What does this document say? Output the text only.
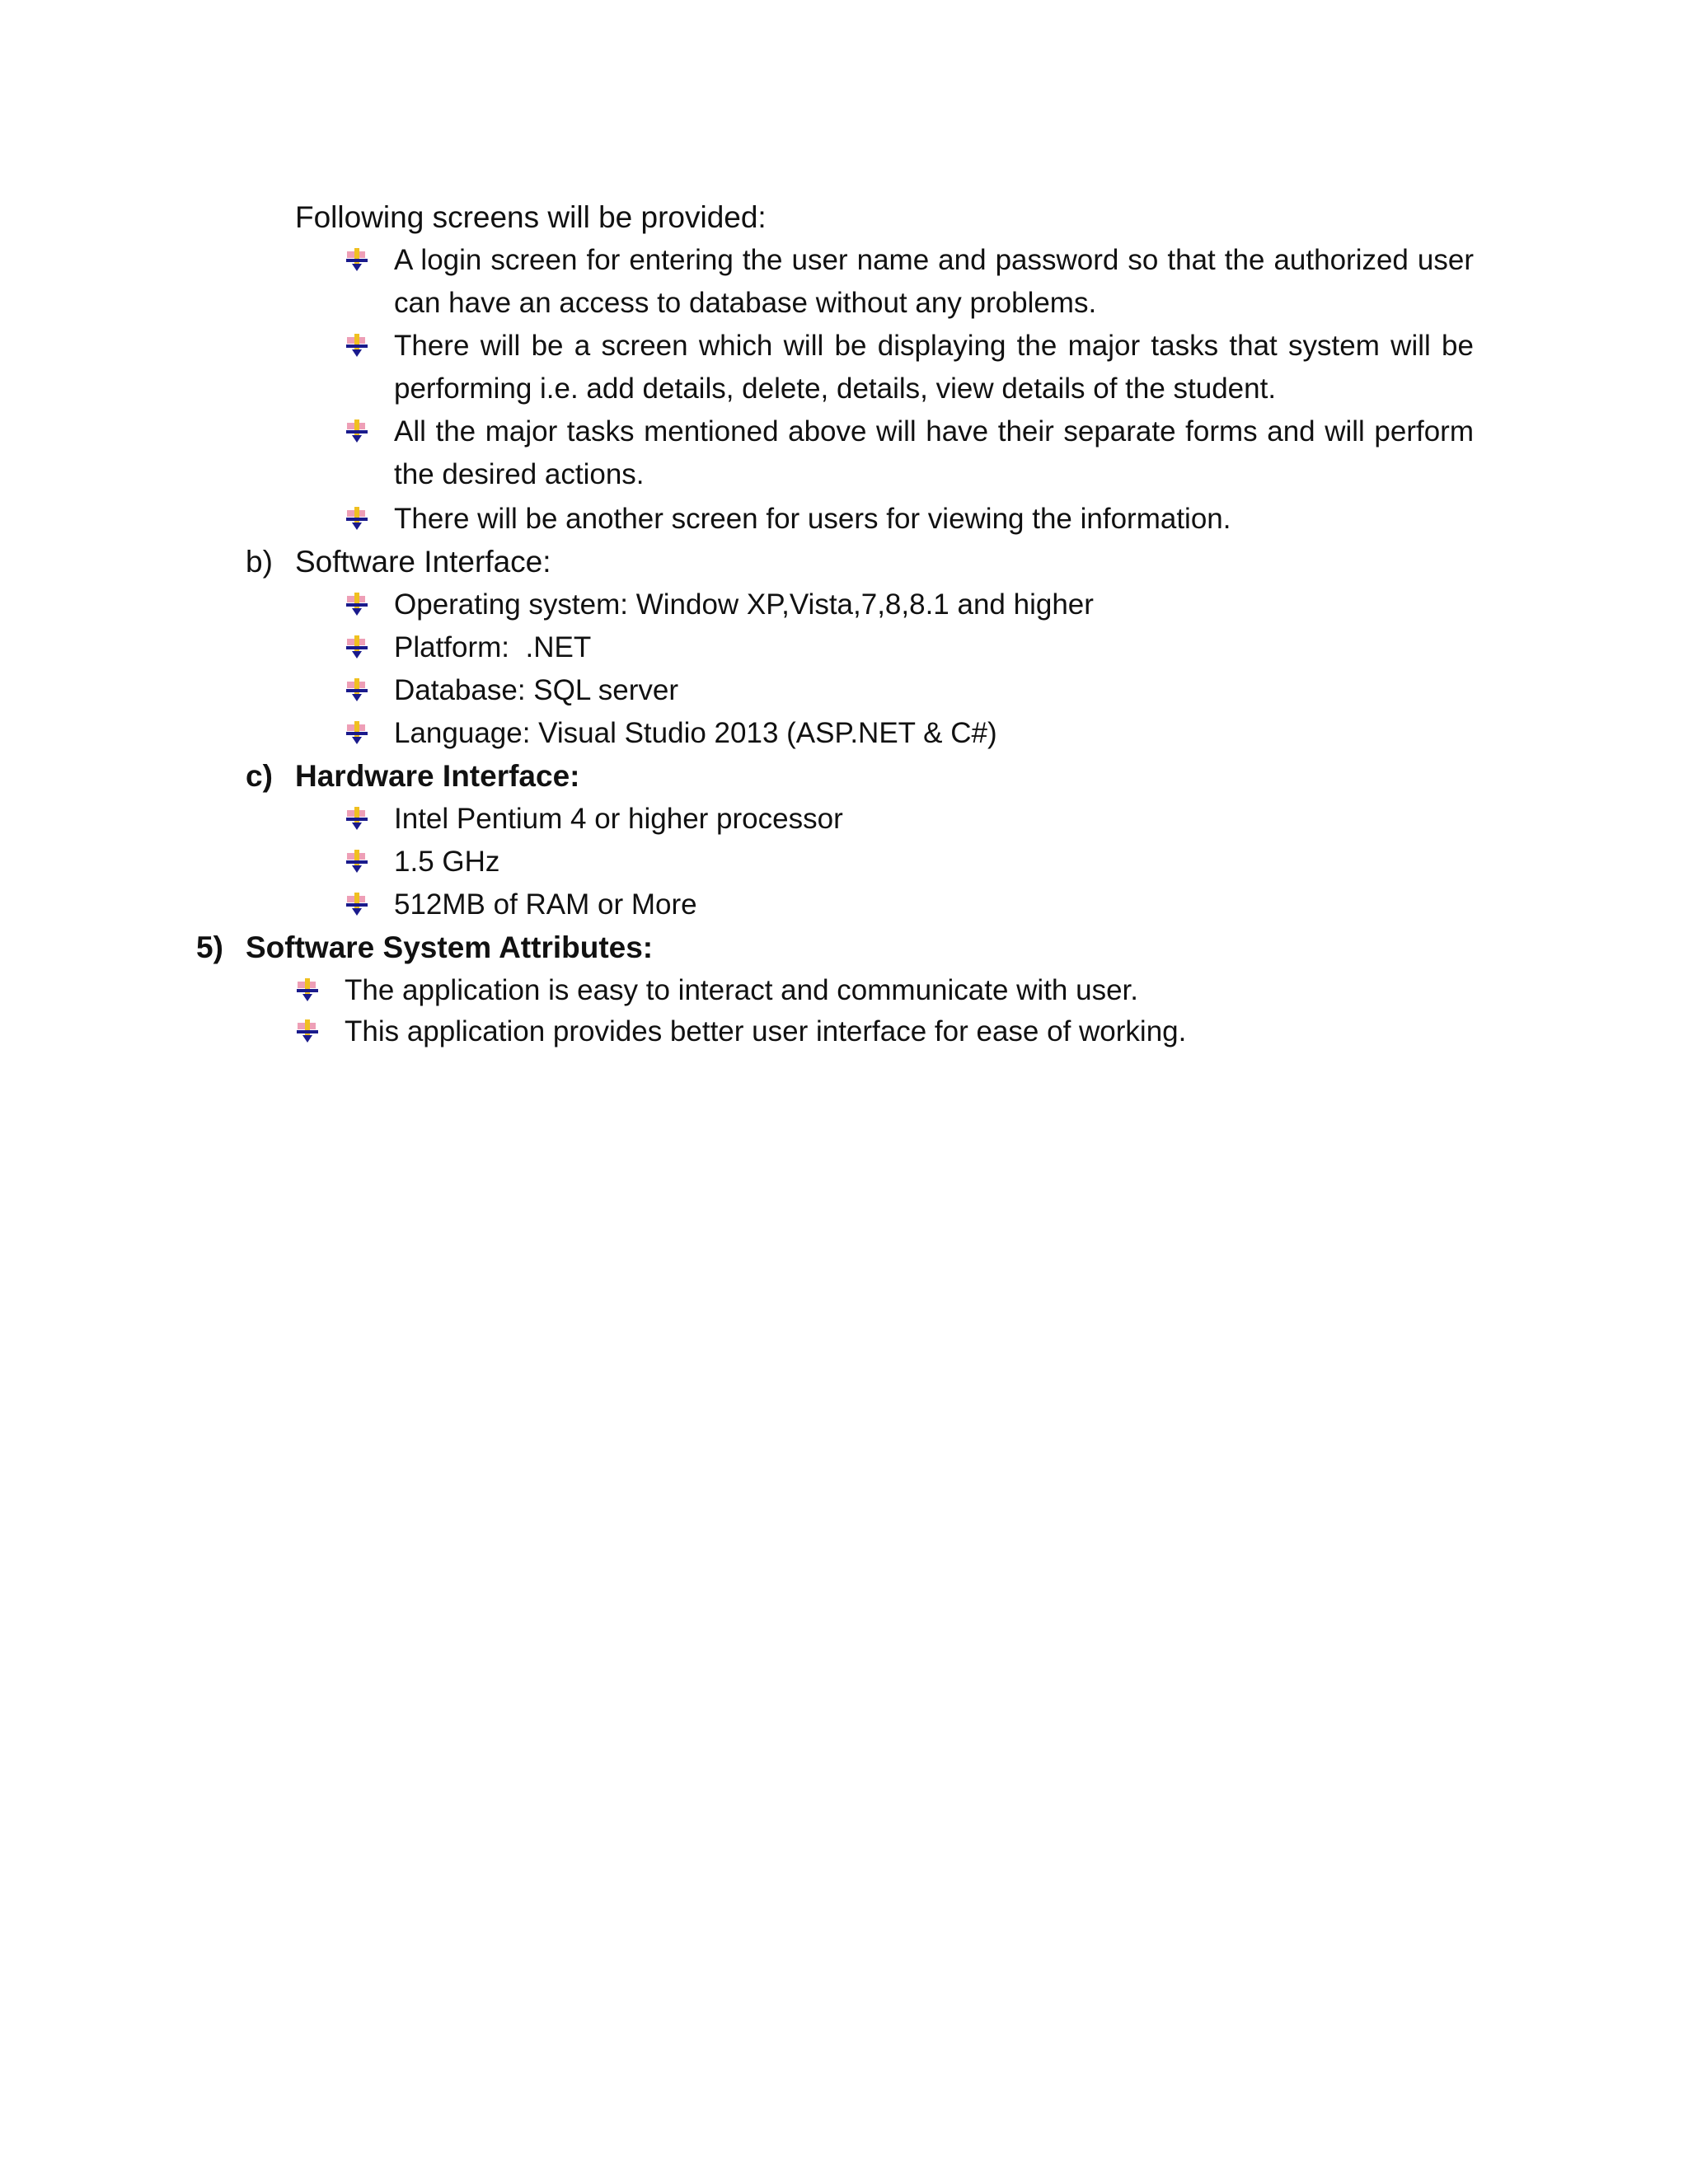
Following screens will be provided:
A login screen for entering the user name and password so that the authorized user can have an access to database without any problems.
There will be a screen which will be displaying the major tasks that system will be performing i.e. add details, delete, details, view details of the student.
All the major tasks mentioned above will have their separate forms and will perform the desired actions.
There will be another screen for users for viewing the information.
b) Software Interface:
Operating system: Window XP,Vista,7,8,8.1 and higher
Platform:  .NET
Database: SQL server
Language: Visual Studio 2013 (ASP.NET & C#)
c) Hardware Interface:
Intel Pentium 4 or higher processor
1.5 GHz
512MB of RAM or More
5) Software System Attributes:
The application is easy to interact and communicate with user.
This application provides better user interface for ease of working.
